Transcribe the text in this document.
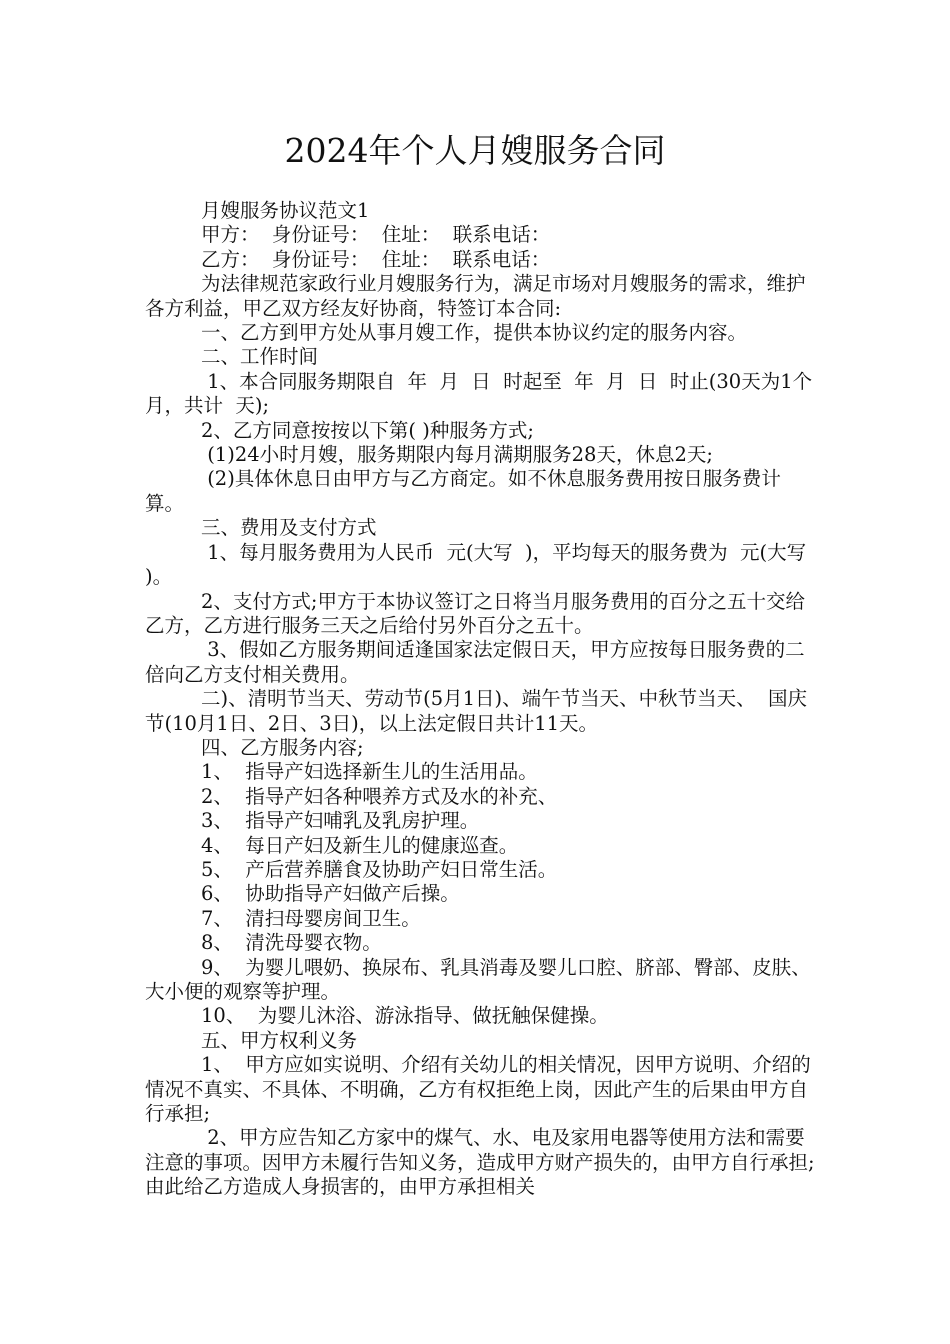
2024年个人月嫂服务合同

月嫂服务协议范文1

甲方：  身份证号：  住址：  联系电话：

乙方：  身份证号：  住址：  联系电话：

为法律规范家政行业月嫂服务行为，满足市场对月嫂服务的需求，维护各方利益，甲乙双方经友好协商，特签订本合同:

一、乙方到甲方处从事月嫂工作，提供本协议约定的服务内容。

二、工作时间

1、本合同服务期限自  年  月  日  时起至  年  月  日  时止(30天为1个月，共计  天);

2、乙方同意按按以下第( )种服务方式;

(1)24小时月嫂，服务期限内每月满期服务28天，休息2天;

(2)具体休息日由甲方与乙方商定。如不休息服务费用按日服务费计算。

三、费用及支付方式

1、每月服务费用为人民币  元(大写  )，平均每天的服务费为  元(大写  )。

2、支付方式;甲方于本协议签订之日将当月服务费用的百分之五十交给乙方，乙方进行服务三天之后给付另外百分之五十。

3、假如乙方服务期间适逢国家法定假日天，甲方应按每日服务费的二倍向乙方支付相关费用。

二)、清明节当天、劳动节(5月1日)、端午节当天、中秋节当天、  国庆节(10月1日、2日、3日)，以上法定假日共计11天。

四、乙方服务内容;

1、  指导产妇选择新生儿的生活用品。

2、  指导产妇各种喂养方式及水的补充、

3、  指导产妇哺乳及乳房护理。

4、  每日产妇及新生儿的健康巡查。

5、  产后营养膳食及协助产妇日常生活。

6、  协助指导产妇做产后操。

7、  清扫母婴房间卫生。

8、  清洗母婴衣物。

9、  为婴儿喂奶、换尿布、乳具消毒及婴儿口腔、脐部、臀部、皮肤、大小便的观察等护理。

10、  为婴儿沐浴、游泳指导、做抚触保健操。

五、甲方权利义务

1、  甲方应如实说明、介绍有关幼儿的相关情况，因甲方说明、介绍的情况不真实、不具体、不明确，乙方有权拒绝上岗，因此产生的后果由甲方自行承担;

2、甲方应告知乙方家中的煤气、水、电及家用电器等使用方法和需要注意的事项。因甲方未履行告知义务，造成甲方财产损失的，由甲方自行承担;由此给乙方造成人身损害的，由甲方承担相关
